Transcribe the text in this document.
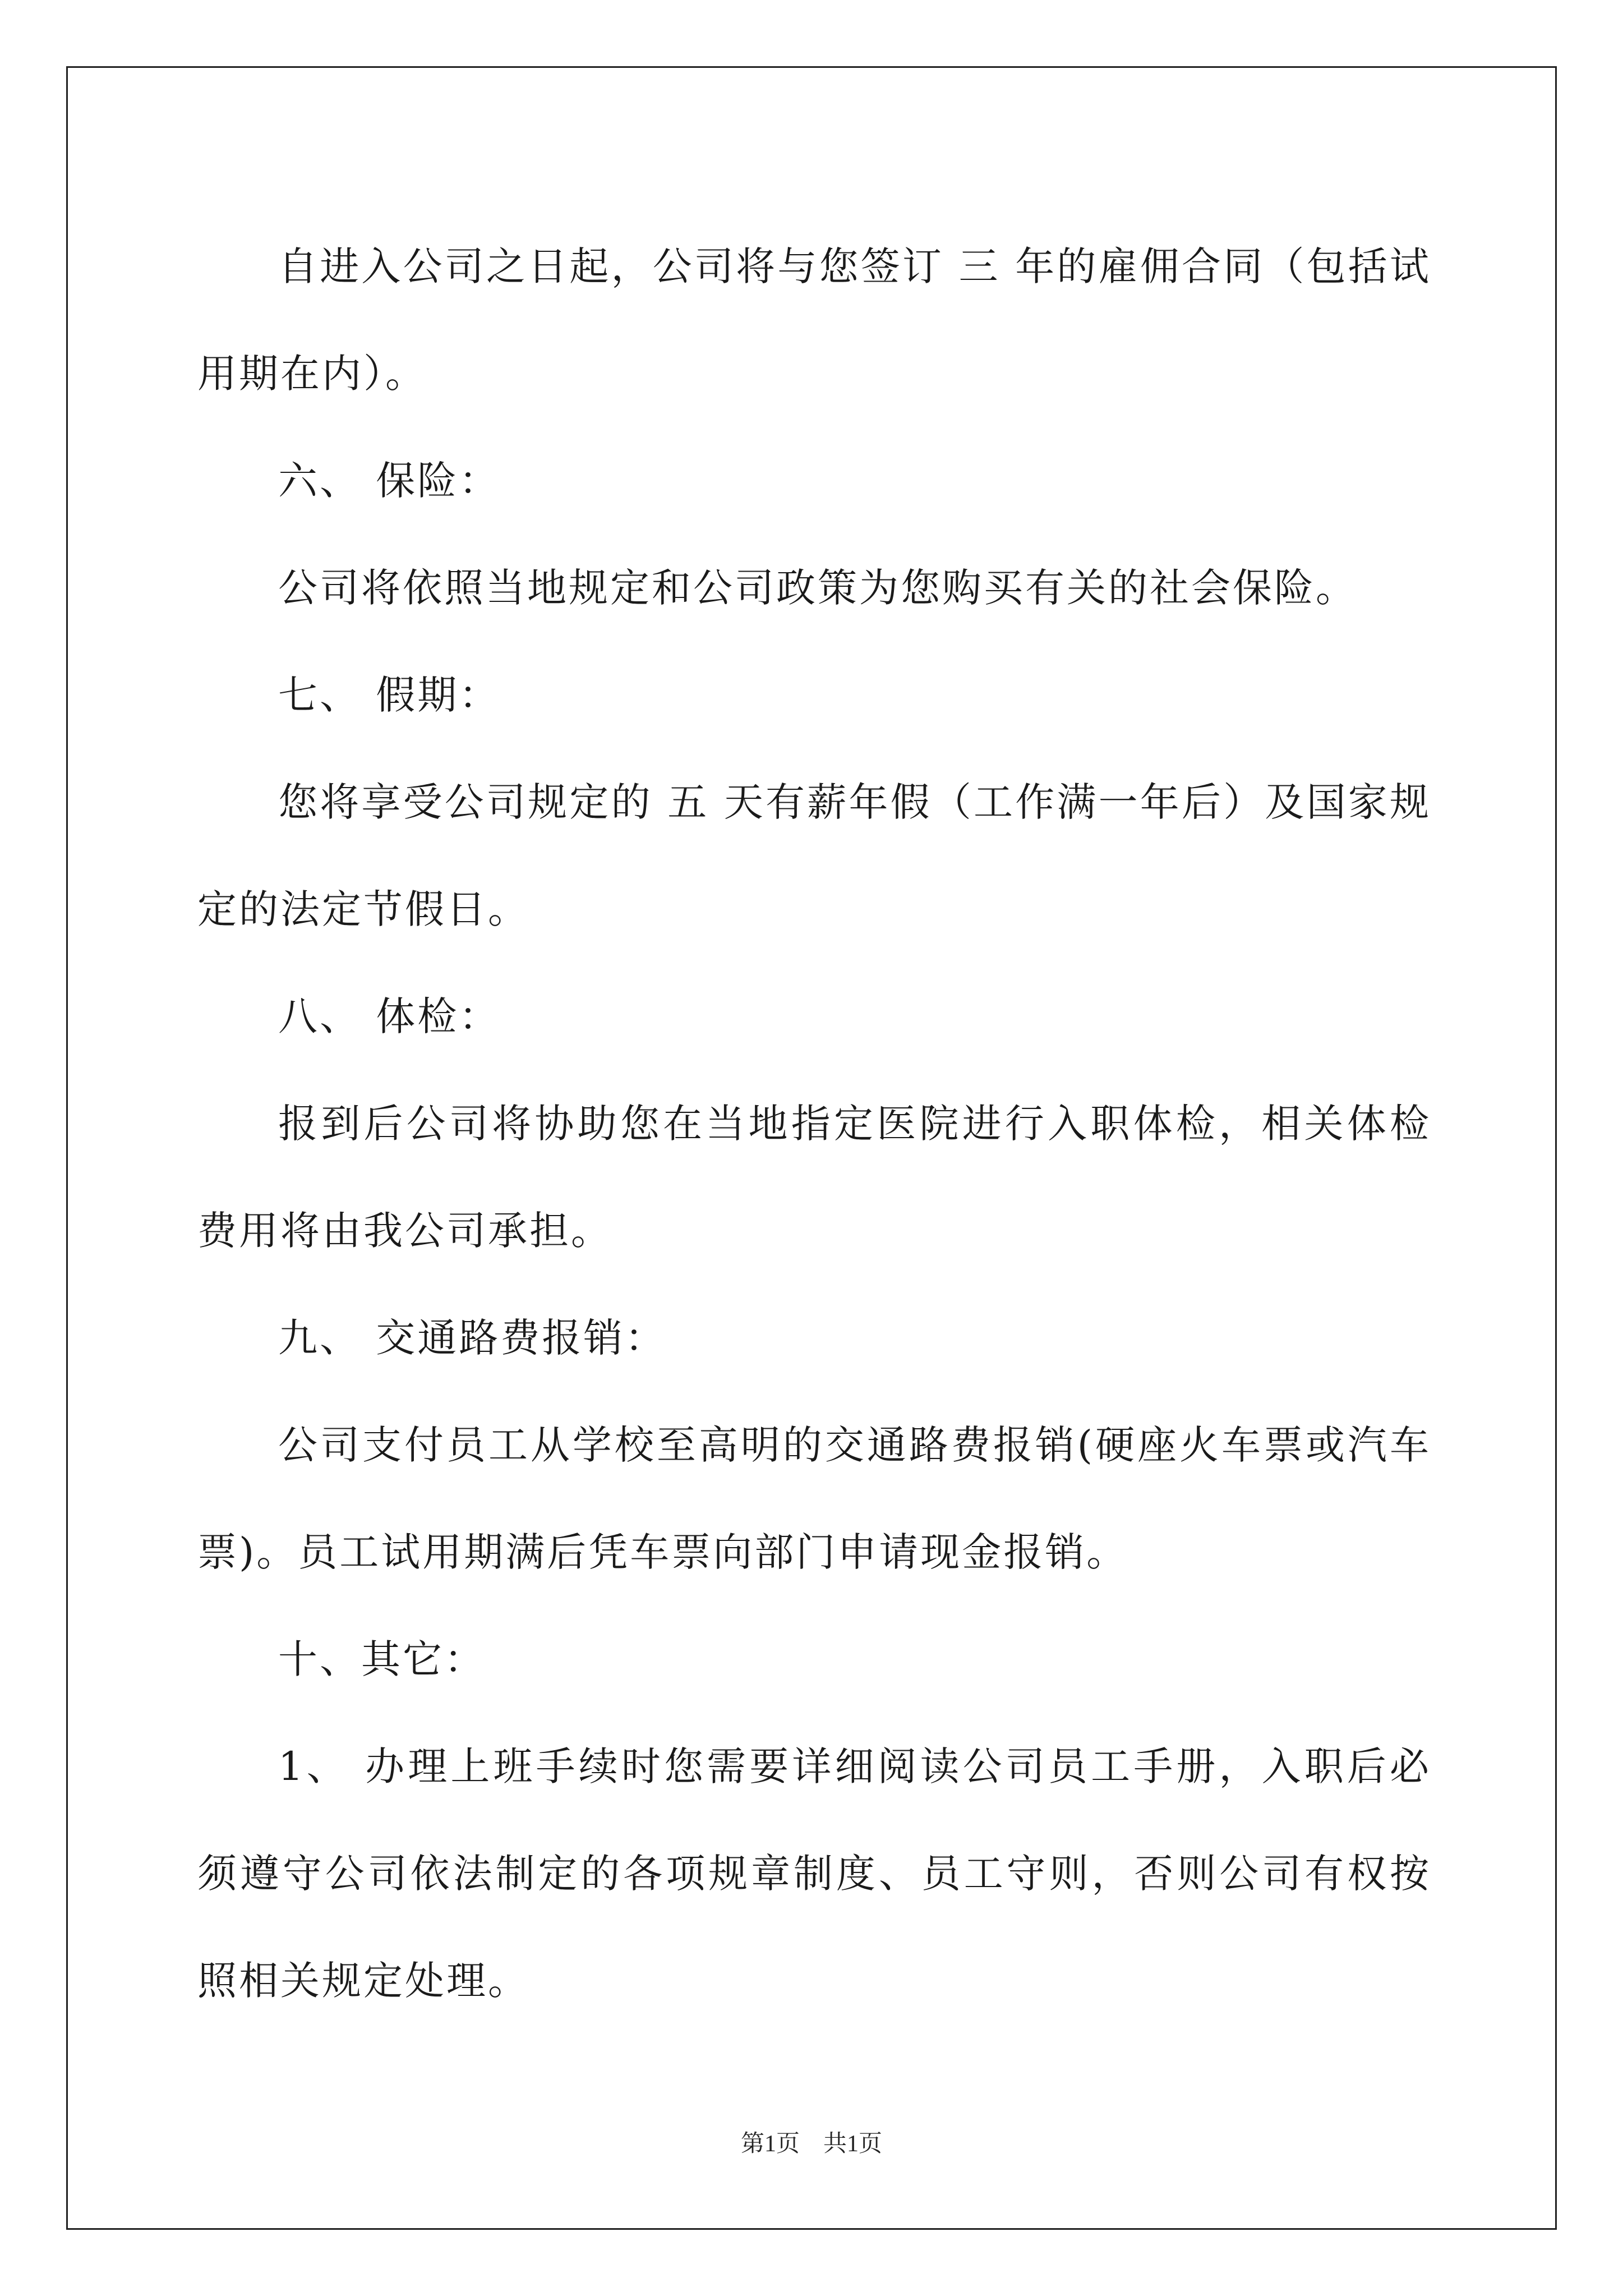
自进入公司之日起，公司将与您签订 三 年的雇佣合同（包括试用期在内）。

六、 保险：

公司将依照当地规定和公司政策为您购买有关的社会保险。

七、 假期：

您将享受公司规定的 五 天有薪年假（工作满一年后）及国家规定的法定节假日。

八、 体检：

报到后公司将协助您在当地指定医院进行入职体检，相关体检费用将由我公司承担。

九、 交通路费报销：

公司支付员工从学校至高明的交通路费报销(硬座火车票或汽车票)。员工试用期满后凭车票向部门申请现金报销。

十、其它：

1、 办理上班手续时您需要详细阅读公司员工手册，入职后必须遵守公司依法制定的各项规章制度、员工守则，否则公司有权按照相关规定处理。

第1页　共1页
